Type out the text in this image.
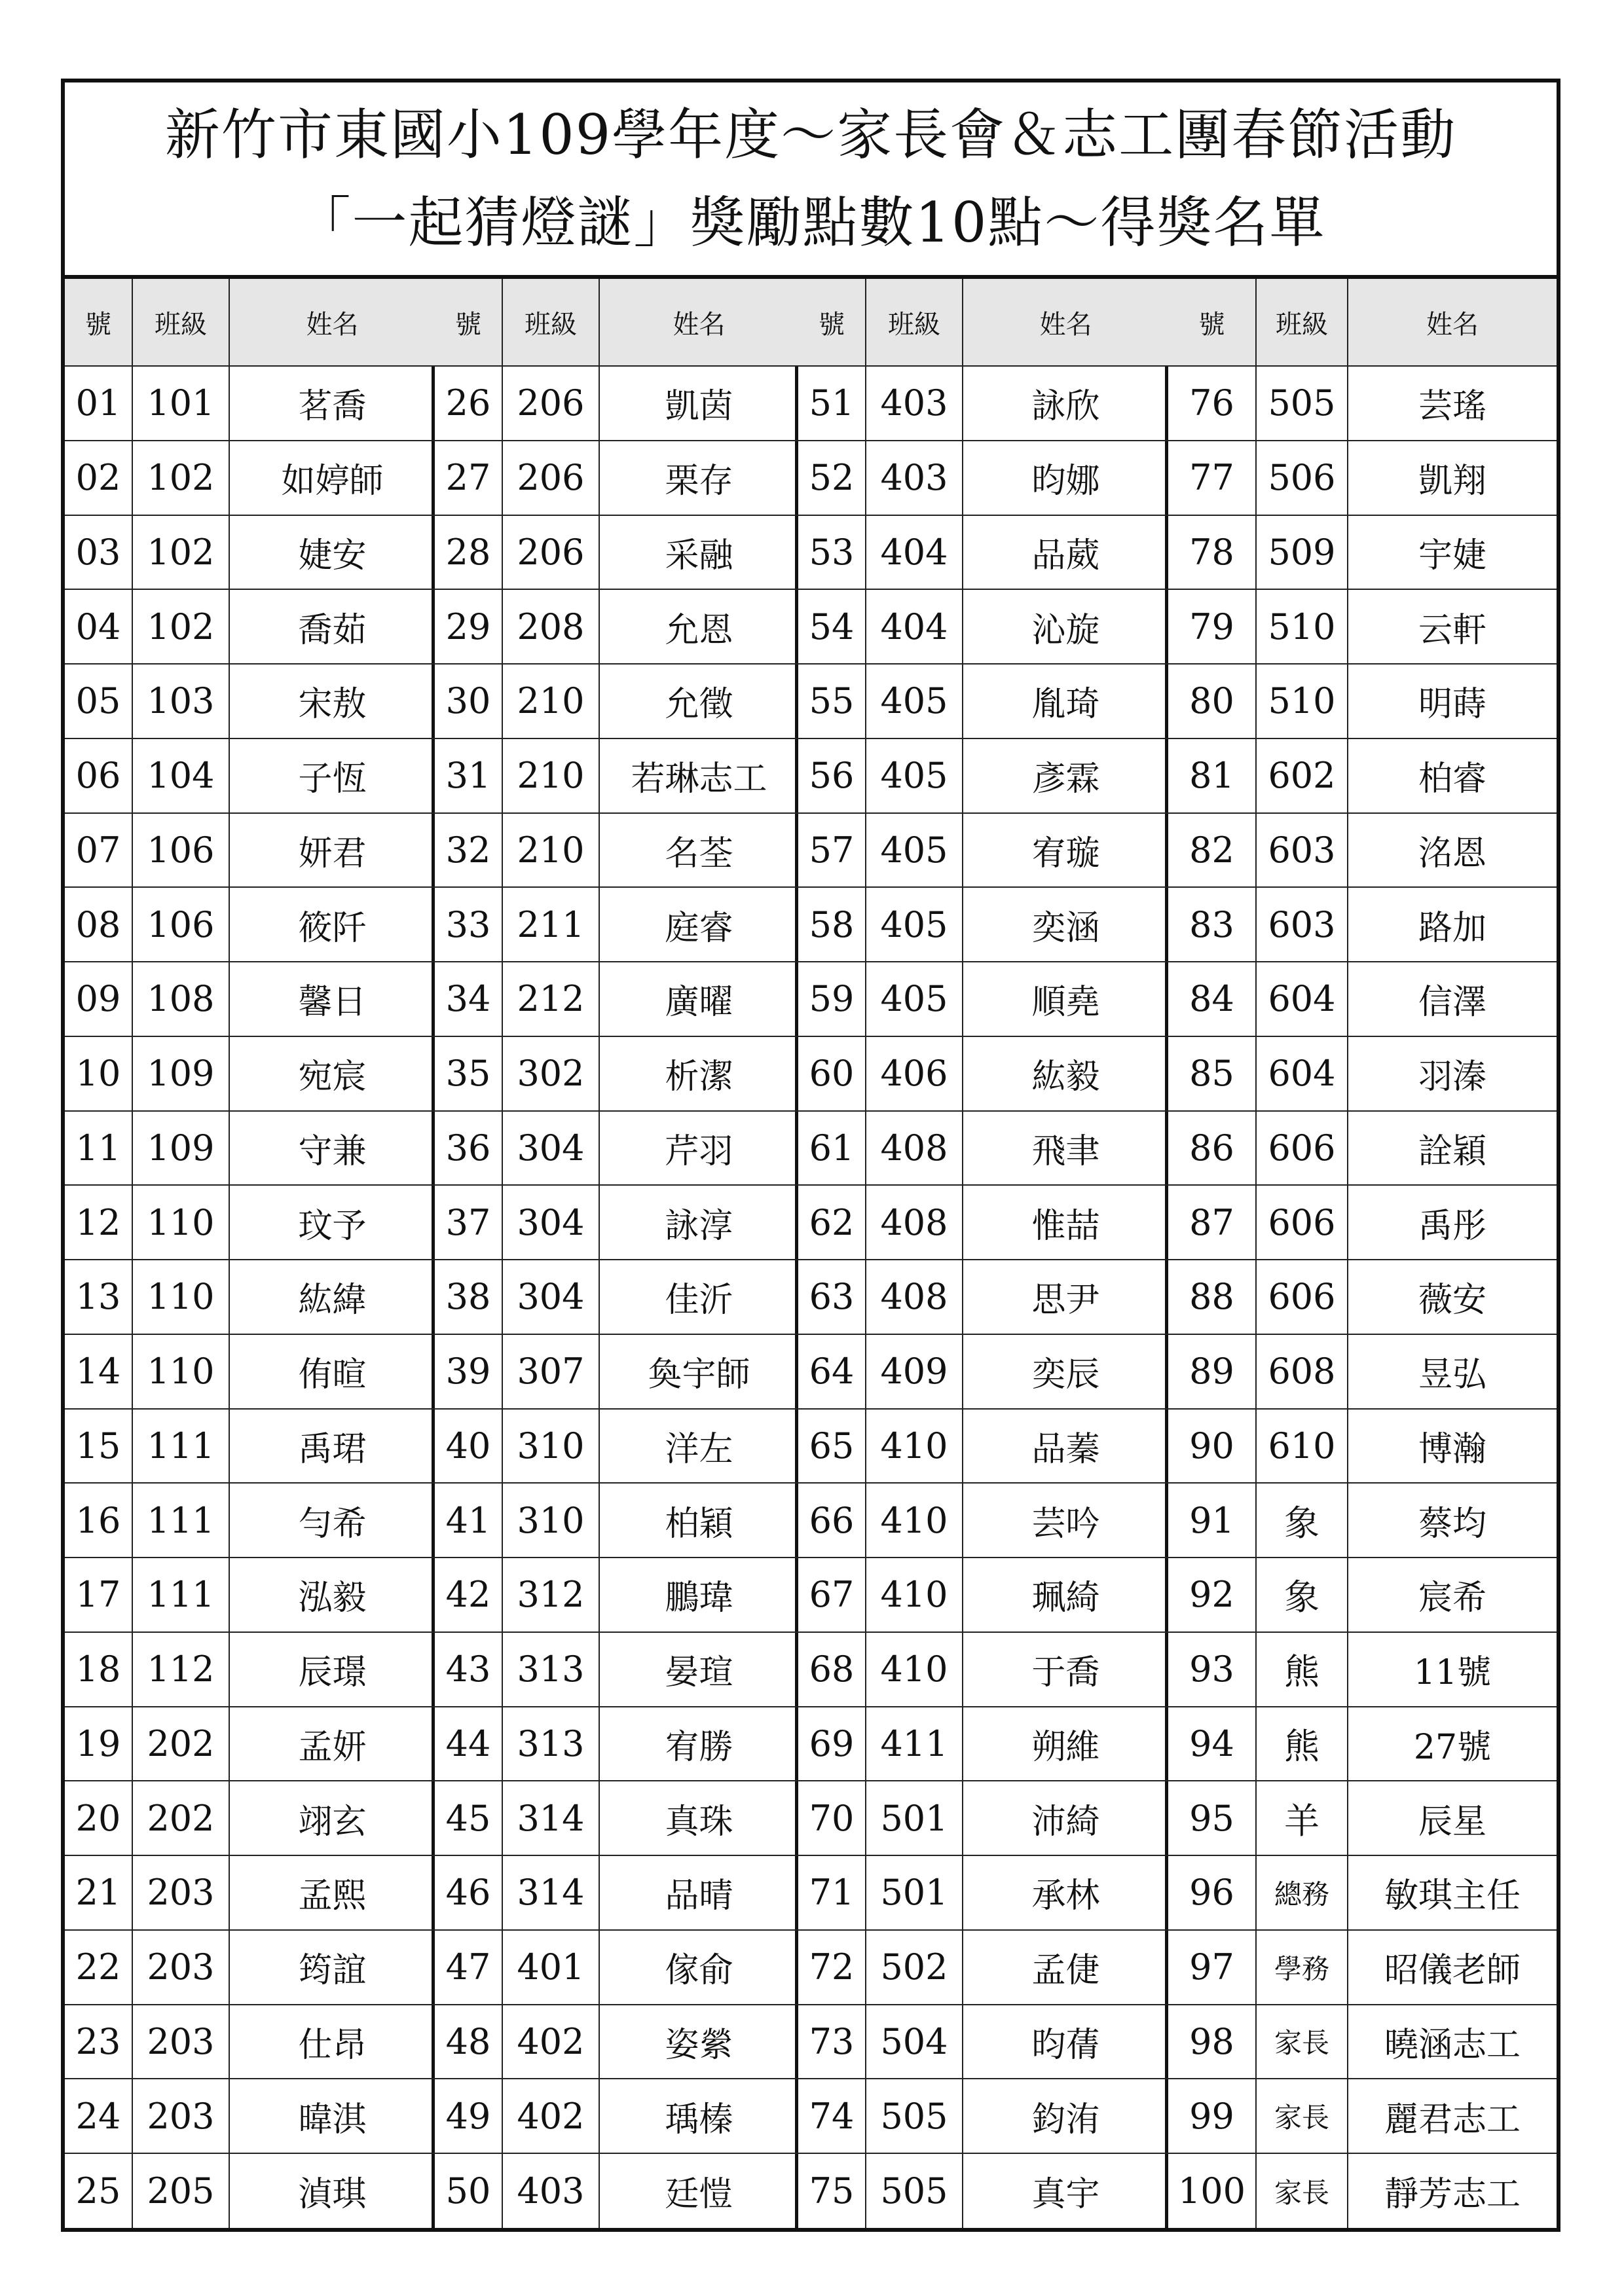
新竹市東國小109學年度～家長會＆志工團春節活動
「一起猜燈謎」獎勵點數10點～得獎名單
號	班級	姓名
01	101	茗喬
02	102	如婷師
03	102	婕安
04	102	喬茹
05	103	宋敖
06	104	子恆
07	106	妍君
08	106	筱阡
09	108	馨日
10	109	宛宸
11	109	守兼
12	110	玟予
13	110	紘緯
14	110	侑暄
15	111	禹珺
16	111	勻希
17	111	泓毅
18	112	辰璟
19	202	孟妍
20	202	翊玄
21	203	孟熙
22	203	筠誼
23	203	仕昂
24	203	暐淇
25	205	湞琪
號	班級	姓名
26	206	凱茵
27	206	栗存
28	206	采融
29	208	允恩
30	210	允徵
31	210	若琳志工
32	210	名荃
33	211	庭睿
34	212	廣曜
35	302	析潔
36	304	芹羽
37	304	詠淳
38	304	佳沂
39	307	奐宇師
40	310	洋左
41	310	柏穎
42	312	鵬瑋
43	313	晏瑄
44	313	宥勝
45	314	真珠
46	314	品晴
47	401	傢俞
48	402	姿縈
49	402	瑀榛
50	403	廷愷
號	班級	姓名
51	403	詠欣
52	403	昀娜
53	404	品葳
54	404	沁旋
55	405	胤琦
56	405	彥霖
57	405	宥璇
58	405	奕涵
59	405	順堯
60	406	紘毅
61	408	飛聿
62	408	惟喆
63	408	思尹
64	409	奕辰
65	410	品蓁
66	410	芸吟
67	410	珮綺
68	410	于喬
69	411	朔維
70	501	沛綺
71	501	承林
72	502	孟倢
73	504	昀蒨
74	505	鈞洧
75	505	真宇
號	班級	姓名
76	505	芸瑤
77	506	凱翔
78	509	宇婕
79	510	云軒
80	510	明蒔
81	602	柏睿
82	603	洺恩
83	603	路加
84	604	信澤
85	604	羽溱
86	606	詮穎
87	606	禹彤
88	606	薇安
89	608	昱弘
90	610	博瀚
91	象	蔡均
92	象	宸希
93	熊	11號
94	熊	27號
95	羊	辰星
96	總務	敏琪主任
97	學務	昭儀老師
98	家長	曉涵志工
99	家長	麗君志工
100	家長	靜芳志工
